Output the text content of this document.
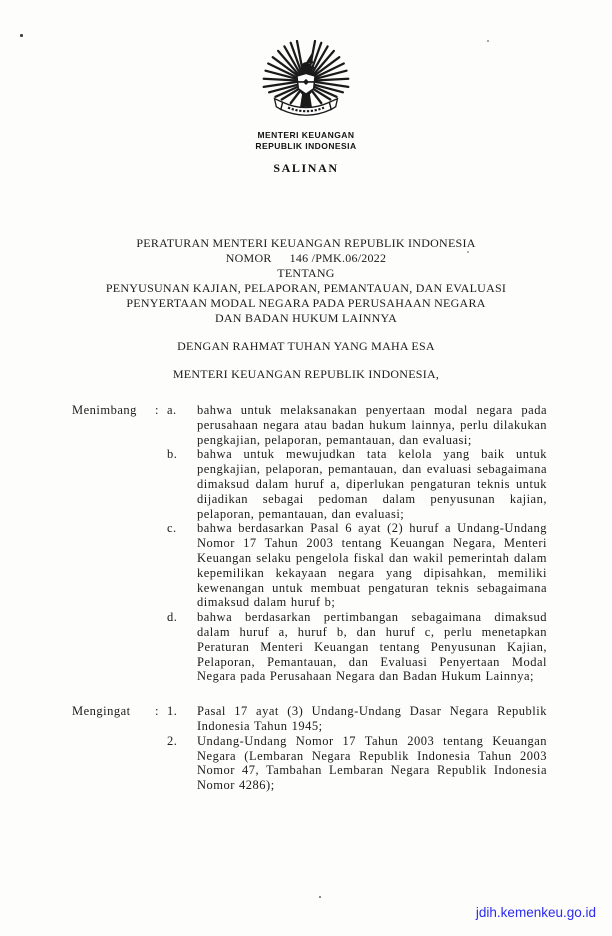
MENTERI KEUANGAN
REPUBLIK INDONESIA
SALINAN
PERATURAN MENTERI KEUANGAN REPUBLIK INDONESIA
NOMOR 146 /PMK.06/2022
TENTANG
PENYUSUNAN KAJIAN, PELAPORAN, PEMANTAUAN, DAN EVALUASI
PENYERTAAN MODAL NEGARA PADA PERUSAHAAN NEGARA
DAN BADAN HUKUM LAINNYA
DENGAN RAHMAT TUHAN YANG MAHA ESA
MENTERI KEUANGAN REPUBLIK INDONESIA,
Menimbang	: a.	bahwa untuk melaksanakan penyertaan modal negara pada perusahaan negara atau badan hukum lainnya, perlu dilakukan pengkajian, pelaporan, pemantauan, dan evaluasi;
b.	bahwa untuk mewujudkan tata kelola yang baik untuk pengkajian, pelaporan, pemantauan, dan evaluasi sebagaimana dimaksud dalam huruf a, diperlukan pengaturan teknis untuk dijadikan sebagai pedoman dalam penyusunan kajian, pelaporan, pemantauan, dan evaluasi;
c.	bahwa berdasarkan Pasal 6 ayat (2) huruf a Undang-Undang Nomor 17 Tahun 2003 tentang Keuangan Negara, Menteri Keuangan selaku pengelola fiskal dan wakil pemerintah dalam kepemilikan kekayaan negara yang dipisahkan, memiliki kewenangan untuk membuat pengaturan teknis sebagaimana dimaksud dalam huruf b;
d.	bahwa berdasarkan pertimbangan sebagaimana dimaksud dalam huruf a, huruf b, dan huruf c, perlu menetapkan Peraturan Menteri Keuangan tentang Penyusunan Kajian, Pelaporan, Pemantauan, dan Evaluasi Penyertaan Modal Negara pada Perusahaan Negara dan Badan Hukum Lainnya;
Mengingat	: 1.	Pasal 17 ayat (3) Undang-Undang Dasar Negara Republik Indonesia Tahun 1945;
2.	Undang-Undang Nomor 17 Tahun 2003 tentang Keuangan Negara (Lembaran Negara Republik Indonesia Tahun 2003 Nomor 47, Tambahan Lembaran Negara Republik Indonesia Nomor 4286);
jdih.kemenkeu.go.id
